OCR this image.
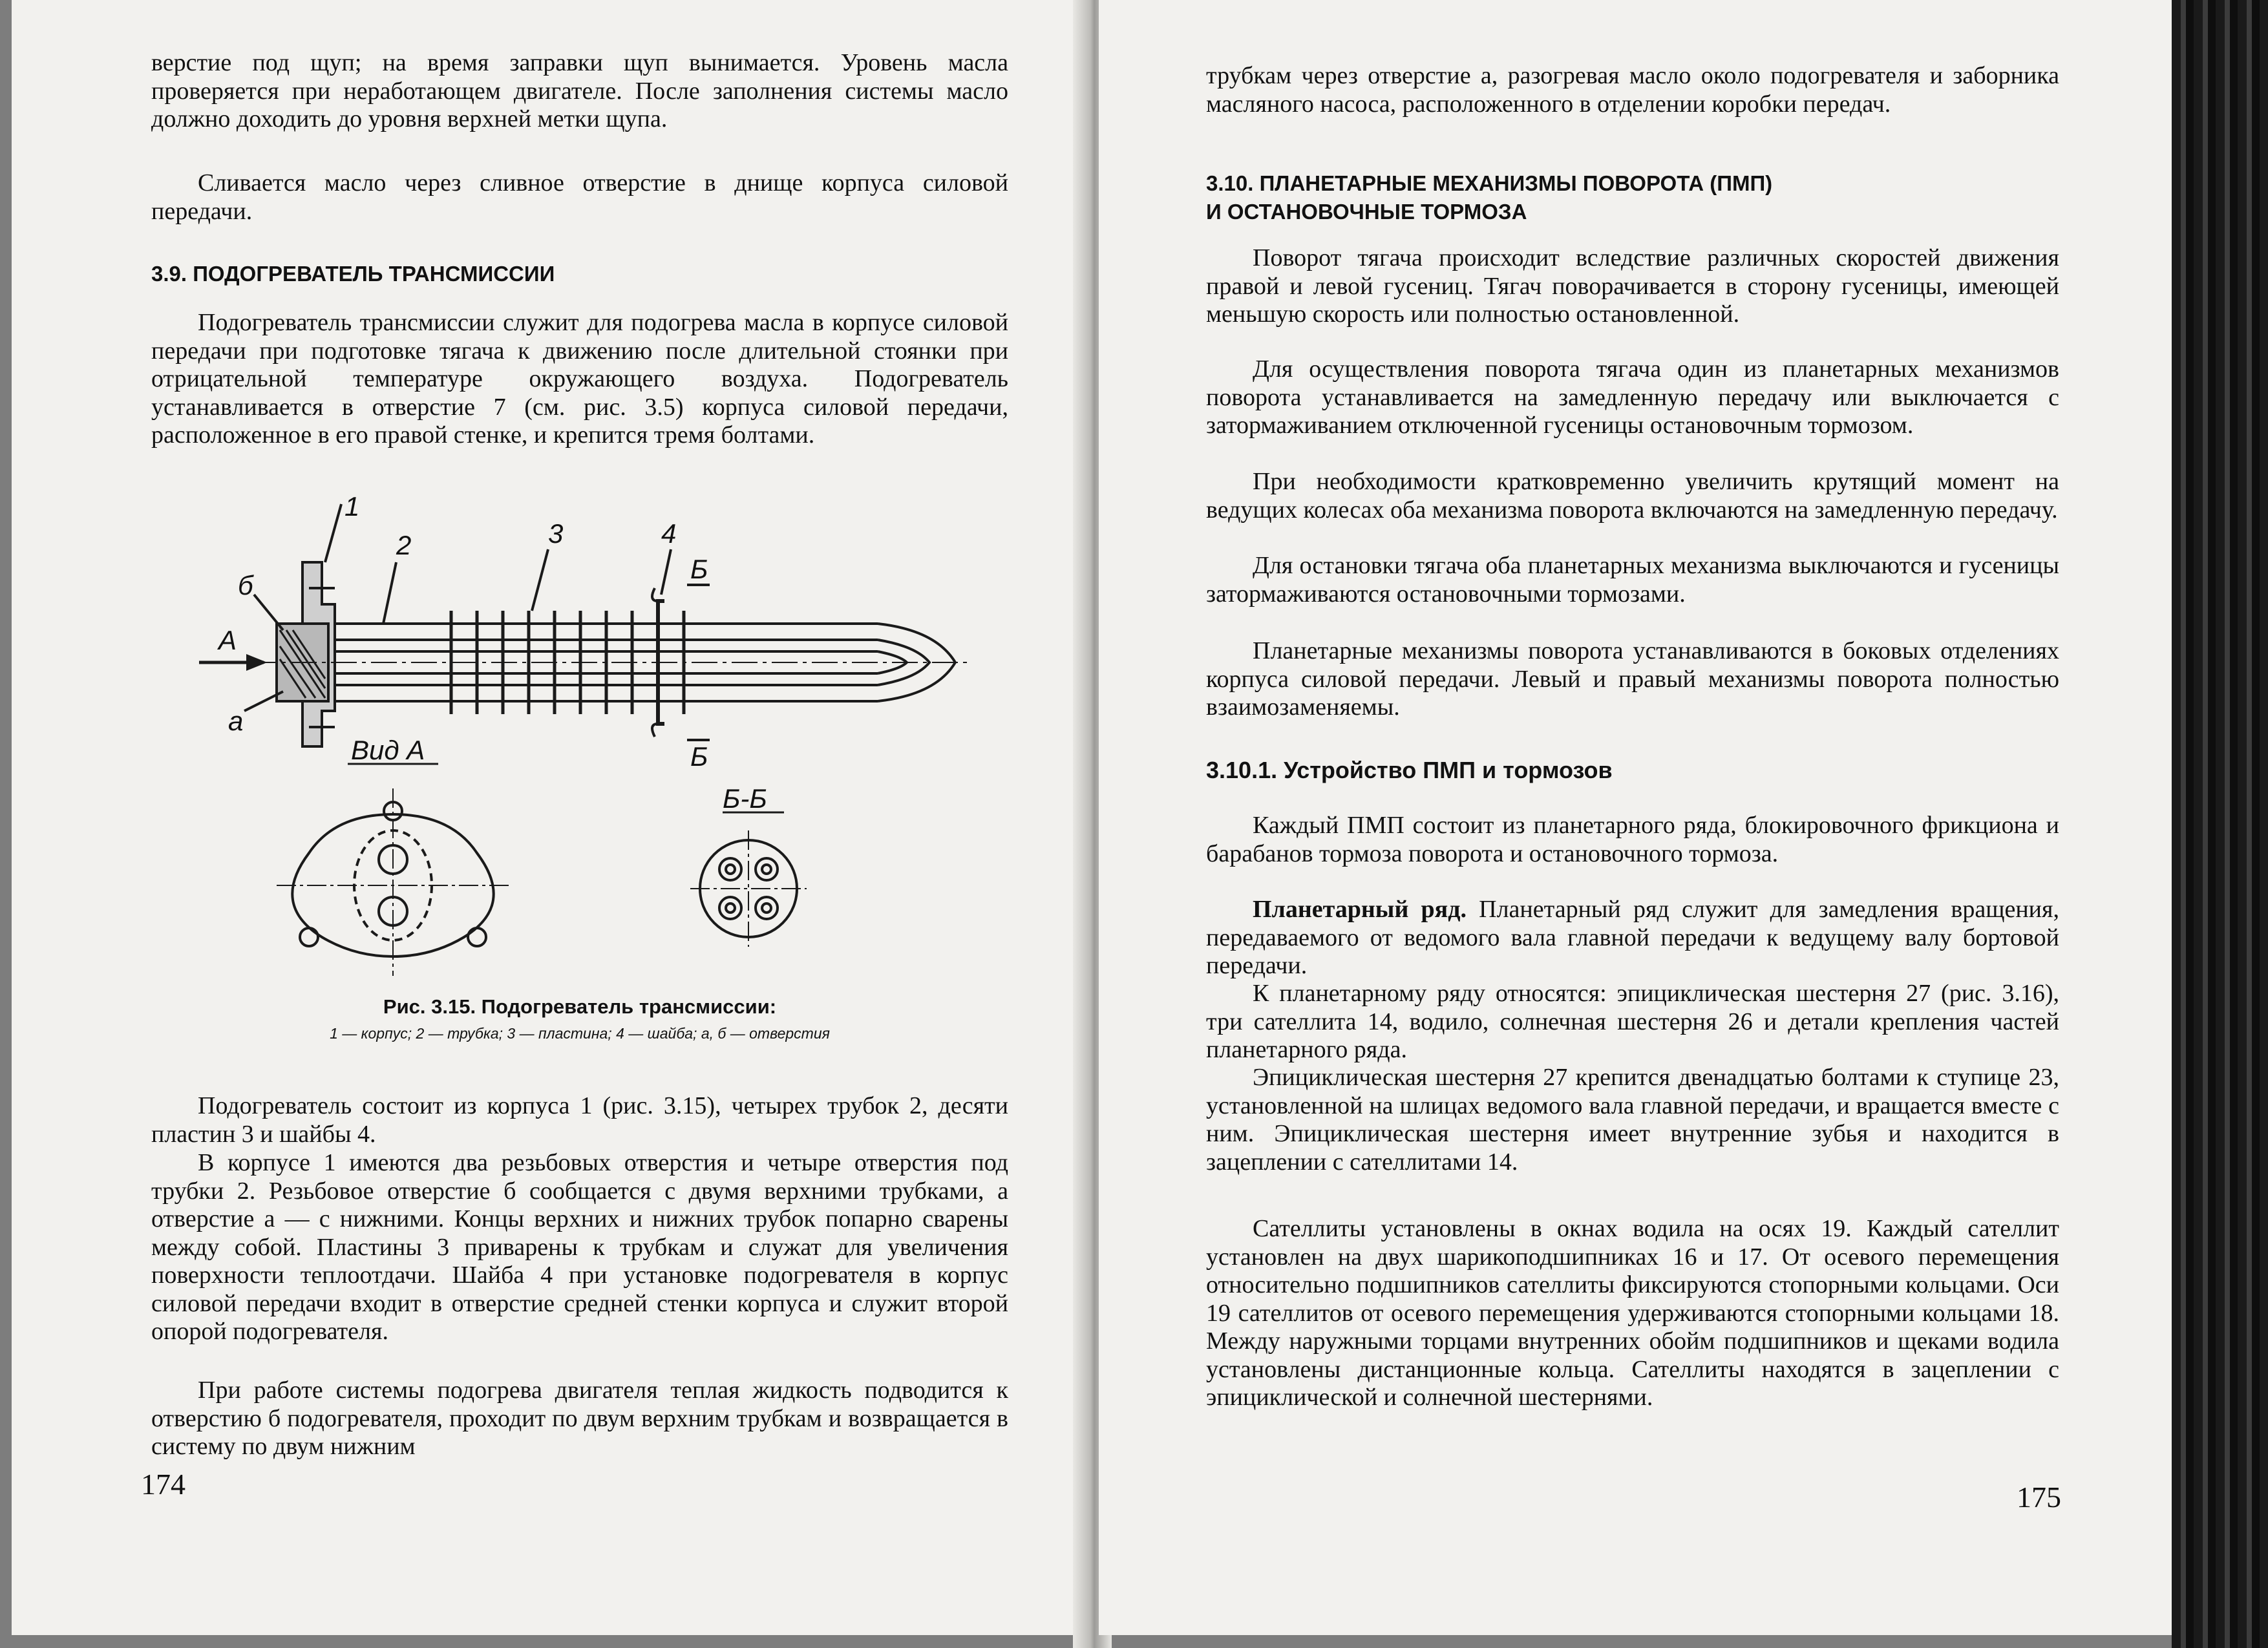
верстие под щуп; на время заправки щуп вынимается. Уровень масла проверяется при неработающем двигателе. После заполнения системы масло должно доходить до уровня верхней метки щупа.

Сливается масло через сливное отверстие в днище корпуса силовой передачи.

3.9. ПОДОГРЕВАТЕЛЬ ТРАНСМИССИИ

Подогреватель трансмиссии служит для подогрева масла в корпусе силовой передачи при подготовке тягача к движению после длительной стоянки при отрицательной температуре окружающего воздуха. Подогреватель устанавливается в отверстие 7 (см. рис. 3.5) корпуса силовой передачи, расположенное в его правой стенке, и крепится тремя болтами.

1
2	3	4
Б
Б
б
а
А
Вид А
Б-Б

Рис. 3.15. Подогреватель трансмиссии:

1 — корпус; 2 — трубка; 3 — пластина; 4 — шайба; а, б — отверстия

Подогреватель состоит из корпуса 1 (рис. 3.15), четырех трубок 2, десяти пластин 3 и шайбы 4.

В корпусе 1 имеются два резьбовых отверстия и четыре отверстия под трубки 2. Резьбовое отверстие б сообщается с двумя верхними трубками, а отверстие а — с нижними. Концы верхних и нижних трубок попарно сварены между собой. Пластины 3 приварены к трубкам и служат для увеличения поверхности теплоотдачи. Шайба 4 при установке подогревателя в корпус силовой передачи входит в отверстие средней стенки корпуса и служит второй опорой подогревателя.

При работе системы подогрева двигателя теплая жидкость подводится к отверстию б подогревателя, проходит по двум верхним трубкам и возвращается в систему по двум нижним

174

трубкам через отверстие а, разогревая масло около подогревателя и заборника масляного насоса, расположенного в отделении коробки передач.

3.10. ПЛАНЕТАРНЫЕ МЕХАНИЗМЫ ПОВОРОТА (ПМП)

И ОСТАНОВОЧНЫЕ ТОРМОЗА

Поворот тягача происходит вследствие различных скоростей движения правой и левой гусениц. Тягач поворачивается в сторону гусеницы, имеющей меньшую скорость или полностью остановленной.

Для осуществления поворота тягача один из планетарных механизмов поворота устанавливается на замедленную передачу или выключается с затормаживанием отключенной гусеницы остановочным тормозом.

При необходимости кратковременно увеличить крутящий момент на ведущих колесах оба механизма поворота включаются на замедленную передачу.

Для остановки тягача оба планетарных механизма выключаются и гусеницы затормаживаются остановочными тормозами.

Планетарные механизмы поворота устанавливаются в боковых отделениях корпуса силовой передачи. Левый и правый механизмы поворота полностью взаимозаменяемы.

3.10.1. Устройство ПМП и тормозов

Каждый ПМП состоит из планетарного ряда, блокировочного фрикциона и барабанов тормоза поворота и остановочного тормоза.

Планетарный ряд. Планетарный ряд служит для замедления вращения, передаваемого от ведомого вала главной передачи к ведущему валу бортовой передачи.

К планетарному ряду относятся: эпициклическая шестерня 27 (рис. 3.16), три сателлита 14, водило, солнечная шестерня 26 и детали крепления частей планетарного ряда.

Эпициклическая шестерня 27 крепится двенадцатью болтами к ступице 23, установленной на шлицах ведомого вала главной передачи, и вращается вместе с ним. Эпициклическая шестерня имеет внутренние зубья и находится в зацеплении с сателлитами 14.

Сателлиты установлены в окнах водила на осях 19. Каждый сателлит установлен на двух шарикоподшипниках 16 и 17. От осевого перемещения относительно подшипников сателлиты фиксируются стопорными кольцами. Оси 19 сателлитов от осевого перемещения удерживаются стопорными кольцами 18. Между наружными торцами внутренних обойм подшипников и щеками водила установлены дистанционные кольца. Сателлиты находятся в зацеплении с эпициклической и солнечной шестернями.

175
